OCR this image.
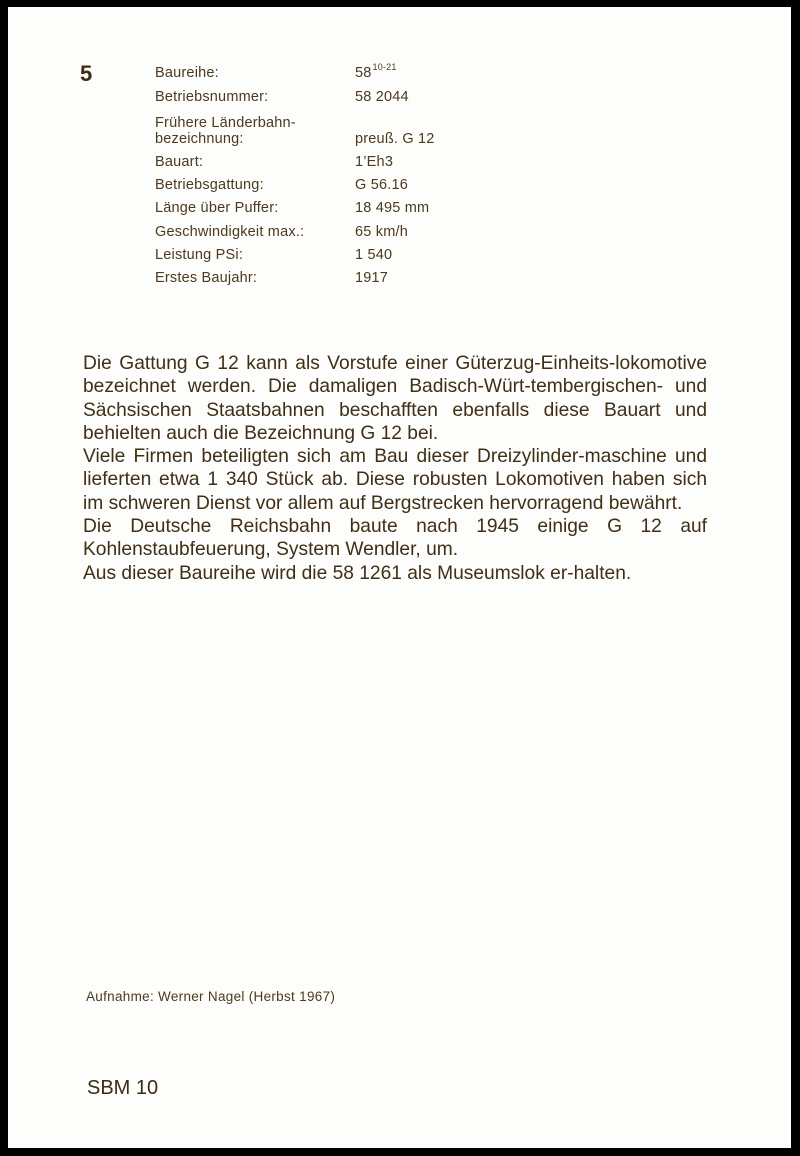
5	Baureihe:	58$^{10-21}$
Betriebsnummer:	58 2044
Frühere Länderbahn-
bezeichnung:	preuß. G 12
Bauart:	1’Eh3
Betriebsgattung:	G 56.16
Länge über Puffer:	18 495 mm
Geschwindigkeit max.:	65 km/h
Leistung PSi:	1 540
Erstes Baujahr:	1917

Die Gattung G 12 kann als Vorstufe einer Güterzug-Einheits-lokomotive bezeichnet werden. Die damaligen Badisch-Würt-tembergischen- und Sächsischen Staatsbahnen beschafften ebenfalls diese Bauart und behielten auch die Bezeichnung G 12 bei.

Viele Firmen beteiligten sich am Bau dieser Dreizylinder-maschine und lieferten etwa 1 340 Stück ab. Diese robusten Lokomotiven haben sich im schweren Dienst vor allem auf Bergstrecken hervorragend bewährt.

Die Deutsche Reichsbahn baute nach 1945 einige G 12 auf Kohlenstaubfeuerung, System Wendler, um.

Aus dieser Baureihe wird die 58 1261 als Museumslok er-halten.

Aufnahme: Werner Nagel (Herbst 1967)
SBM 10
